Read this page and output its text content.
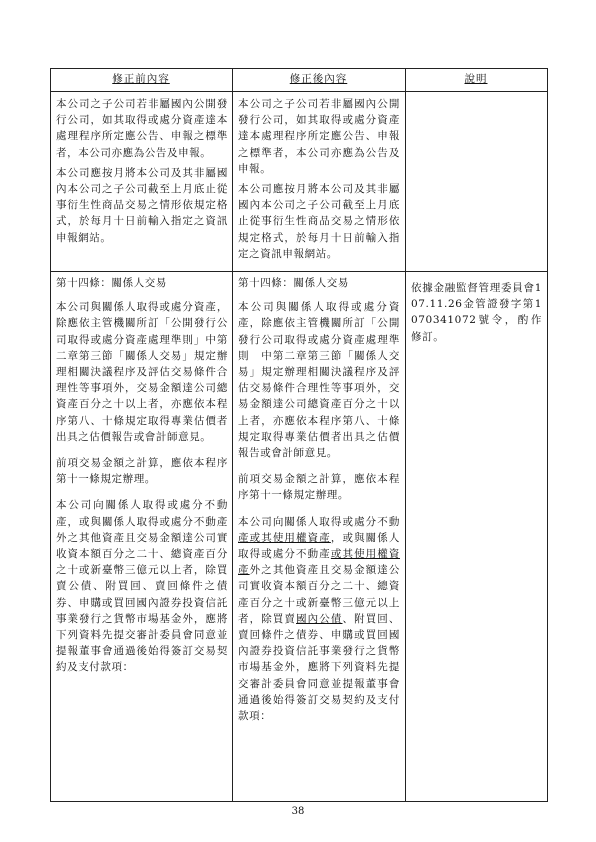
修正前內容	修正後內容	說明

本公司之子公司若非屬國內公開發行公司，如其取得或處分資產達本處理程序所定應公告、申報之標準者，本公司亦應為公告及申報。

本公司應按月將本公司及其非屬國內本公司之子公司截至上月底止從事衍生性商品交易之情形依規定格式，於每月十日前輸入指定之資訊申報網站。

本公司之子公司若非屬國內公開發行公司，如其取得或處分資產達本處理程序所定應公告、申報之標準者，本公司亦應為公告及申報。

本公司應按月將本公司及其非屬國內本公司之子公司截至上月底止從事衍生性商品交易之情形依規定格式，於每月十日前輸入指定之資訊申報網站。

第十四條：關係人交易

本公司與關係人取得或處分資產，除應依主管機關所訂「公開發行公司取得或處分資產處理準則」中第二章第三節「關係人交易」規定辦理相關決議程序及評估交易條件合理性等事項外，交易金額達公司總資產百分之十以上者，亦應依本程序第八、十條規定取得專業估價者出具之估價報告或會計師意見。

前項交易金額之計算，應依本程序第十一條規定辦理。

本公司向關係人取得或處分不動產，或與關係人取得或處分不動產外之其他資產且交易金額達公司實收資本額百分之二十、總資產百分之十或新臺幣三億元以上者，除買賣公債、附買回、賣回條件之債券、申購或買回國內證券投資信託事業發行之貨幣市場基金外，應將下列資料先提交審計委員會同意並提報董事會通過後始得簽訂交易契約及支付款項：

第十四條：關係人交易

本公司與關係人取得或處分資產，除應依主管機關所訂「公開發行公司取得或處分資產處理準則　中第二章第三節「關係人交易」規定辦理相關決議程序及評估交易條件合理性等事項外，交易金額達公司總資產百分之十以上者，亦應依本程序第八、十條規定取得專業估價者出具之估價報告或會計師意見。

前項交易金額之計算，應依本程序第十一條規定辦理。

本公司向關係人取得或處分不動產或其使用權資產，或與關係人取得或處分不動產或其使用權資產外之其他資產且交易金額達公司實收資本額百分之二十、總資產百分之十或新臺幣三億元以上者，除買賣國內公債、附買回、賣回條件之債券、申購或買回國內證券投資信託事業發行之貨幣市場基金外，應將下列資料先提交審計委員會同意並提報董事會通過後始得簽訂交易契約及支付款項：

依據金融監督管理委員會107.11.26金管證發字第1070341072號令，酌作修訂。

38
